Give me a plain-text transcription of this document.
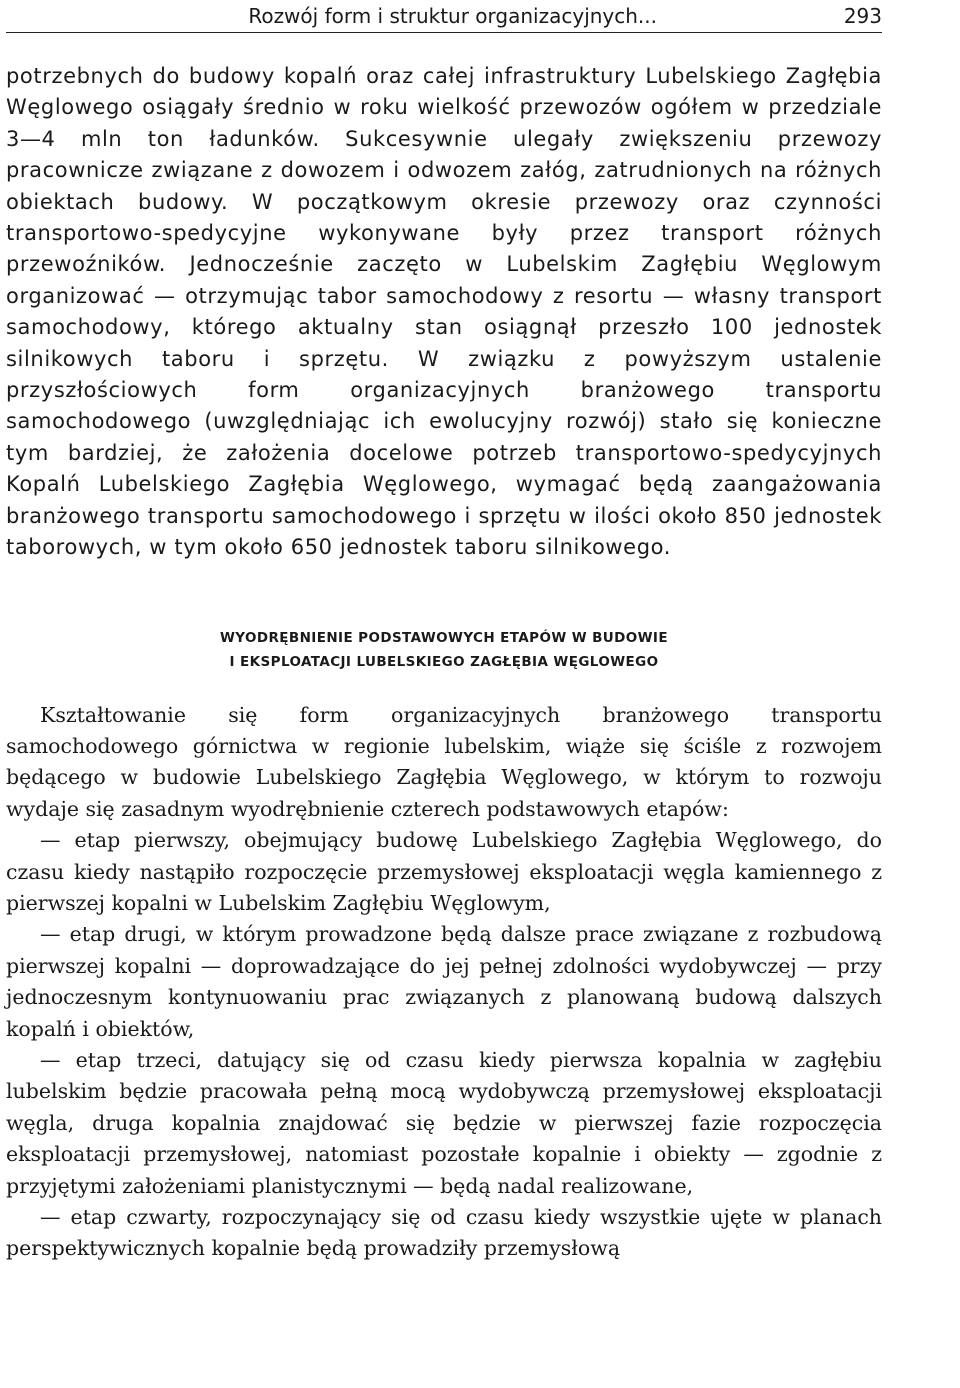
Rozwój form i struktur organizacyjnych...	293

potrzebnych do budowy kopalń oraz całej infrastruktury Lubelskiego Zagłębia Węglowego osiągały średnio w roku wielkość przewozów ogółem w przedziale 3—4 mln ton ładunków. Sukcesywnie ulegały zwiększeniu przewozy pracownicze związane z dowozem i odwozem załóg, zatrudnionych na różnych obiektach budowy. W początkowym okresie przewozy oraz czynności transportowo-spedycyjne wykonywane były przez transport różnych przewoźników. Jednocześnie zaczęto w Lubelskim Zagłębiu Węglowym organizować — otrzymując tabor samochodowy z resortu — własny transport samochodowy, którego aktualny stan osiągnął przeszło 100 jednostek silnikowych taboru i sprzętu. W związku z powyższym ustalenie przyszłościowych form organizacyjnych branżowego transportu samochodowego (uwzględniając ich ewolucyjny rozwój) stało się konieczne tym bardziej, że założenia docelowe potrzeb transportowo-spedycyjnych Kopalń Lubelskiego Zagłębia Węglowego, wymagać będą zaangażowania branżowego transportu samochodowego i sprzętu w ilości około 850 jednostek taborowych, w tym około 650 jednostek taboru silnikowego.

WYODRĘBNIENIE PODSTAWOWYCH ETAPÓW W BUDOWIE
I EKSPLOATACJI LUBELSKIEGO ZAGŁĘBIA WĘGLOWEGO

Kształtowanie się form organizacyjnych branżowego transportu samochodowego górnictwa w regionie lubelskim, wiąże się ściśle z rozwojem będącego w budowie Lubelskiego Zagłębia Węglowego, w którym to rozwoju wydaje się zasadnym wyodrębnienie czterech podstawowych etapów:

— etap pierwszy, obejmujący budowę Lubelskiego Zagłębia Węglowego, do czasu kiedy nastąpiło rozpoczęcie przemysłowej eksploatacji węgla kamiennego z pierwszej kopalni w Lubelskim Zagłębiu Węglowym,

— etap drugi, w którym prowadzone będą dalsze prace związane z rozbudową pierwszej kopalni — doprowadzające do jej pełnej zdolności wydobywczej — przy jednoczesnym kontynuowaniu prac związanych z planowaną budową dalszych kopalń i obiektów,

— etap trzeci, datujący się od czasu kiedy pierwsza kopalnia w zagłębiu lubelskim będzie pracowała pełną mocą wydobywczą przemysłowej eksploatacji węgla, druga kopalnia znajdować się będzie w pierwszej fazie rozpoczęcia eksploatacji przemysłowej, natomiast pozostałe kopalnie i obiekty — zgodnie z przyjętymi założeniami planistycznymi — będą nadal realizowane,

— etap czwarty, rozpoczynający się od czasu kiedy wszystkie ujęte w planach perspektywicznych kopalnie będą prowadziły przemysłową
